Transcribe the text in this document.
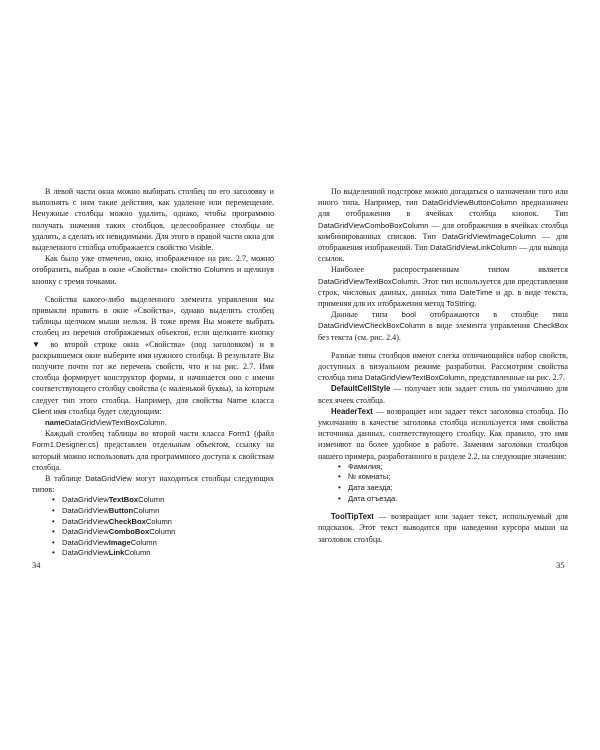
В левой части окна можно выбирать столбец по его заголовку и выполнять с ним такие действия, как удаление или перемещение. Ненужные столбцы можно удалить, однако, чтобы программно получать значения таких столбцов, целесообразнее столбцы не удалять, а сделать их невидимыми. Для этого в правой части окна для выделенного столбца отображается свойство Visible.

Как было уже отмечено, окно, изображенное на рис. 2.7, можно отобразить, выбрав в окне «Свойства» свойство Columns и щелкнув кнопку с тремя точками.

Свойства какого-либо выделенного элемента управления мы привыкли править в окне «Свойства», однако выделить столбец таблицы щелчком мыши нельзя. В тоже время Вы можете выбрать столбец из перечня отображаемых объектов, если щелкните кнопку ▼ во второй строке окна «Свойства» (под заголовком) и в раскрывшемся окне выберите имя нужного столбца. В результате Вы получите почти тот же перечень свойств, что и на рис. 2.7. Имя столбца формирует конструктор формы, и начинается оно с имени соответствующего столбцу свойства (с маленькой буквы), за которым следует тип этого столбца. Например, для свойства Name класса Client имя столбца будет следующим:

nameDataGridViewTextBoxColumn.

Каждый столбец таблицы во второй части класса Form1 (файл Form1.Designer.cs) представлен отдельным объектом, ссылку на который можно использовать для программного доступа к свойствам столбца.

В таблице DataGridView могут находиться столбцы следующих типов:

• DataGridViewTextBoxColumn
• DataGridViewButtonColumn
• DataGridViewCheckBoxColumn
• DataGridViewComboBoxColumn
• DataGridViewImageColumn
• DataGridViewLinkColumn

По выделенной подстроке можно догадаться о назначении того или иного типа. Например, тип DataGridViewButtonColumn предназначен для отображения в ячейках столбца кнопок. Тип DataGridViewComboBoxColumn — для отображения в ячейках столбца комбинированных списков. Тип DataGridViewImageColumn — для отображения изображений. Тип DataGridViewLinkColumn — для вывода ссылок.

Наиболее распространенным типом является DataGridViewTextBoxColumn. Этот тип используется для представления строк, числовых данных, данных типа DateTime и др. в виде текста, применяя для их отображения метод ToString.

Данные типа bool отображаются в столбце типа DataGridViewCheckBoxColumn в виде элемента управления CheckBox без текста (см. рис. 2.4).

Разные типы столбцов имеют слегка отличающийся набор свойств, доступных в визуальном режиме разработки. Рассмотрим свойства столбца типа DataGridViewTextBoxColumn, представленные на рис. 2.7.

DefaultCellStyle — получает или задает стиль по умолчанию для всех ячеек столбца.

HeaderText — возвращает или задает текст заголовка столбца. По умолчанию в качестве заголовка столбца используется имя свойства источника данных, соответствующего столбцу. Как правило, это имя изменяют на более удобное в работе. Заменим заголовки столбцов нашего примера, разработанного в разделе 2.2, на следующие значения:

• Фамилия;
• № комнаты;
• Дата заезда;
• Дата отъезда.

ToolTipText — возвращает или задает текст, используемый для подсказок. Этот текст выводится при наведении курсора мыши на заголовок столбца.

34	35
